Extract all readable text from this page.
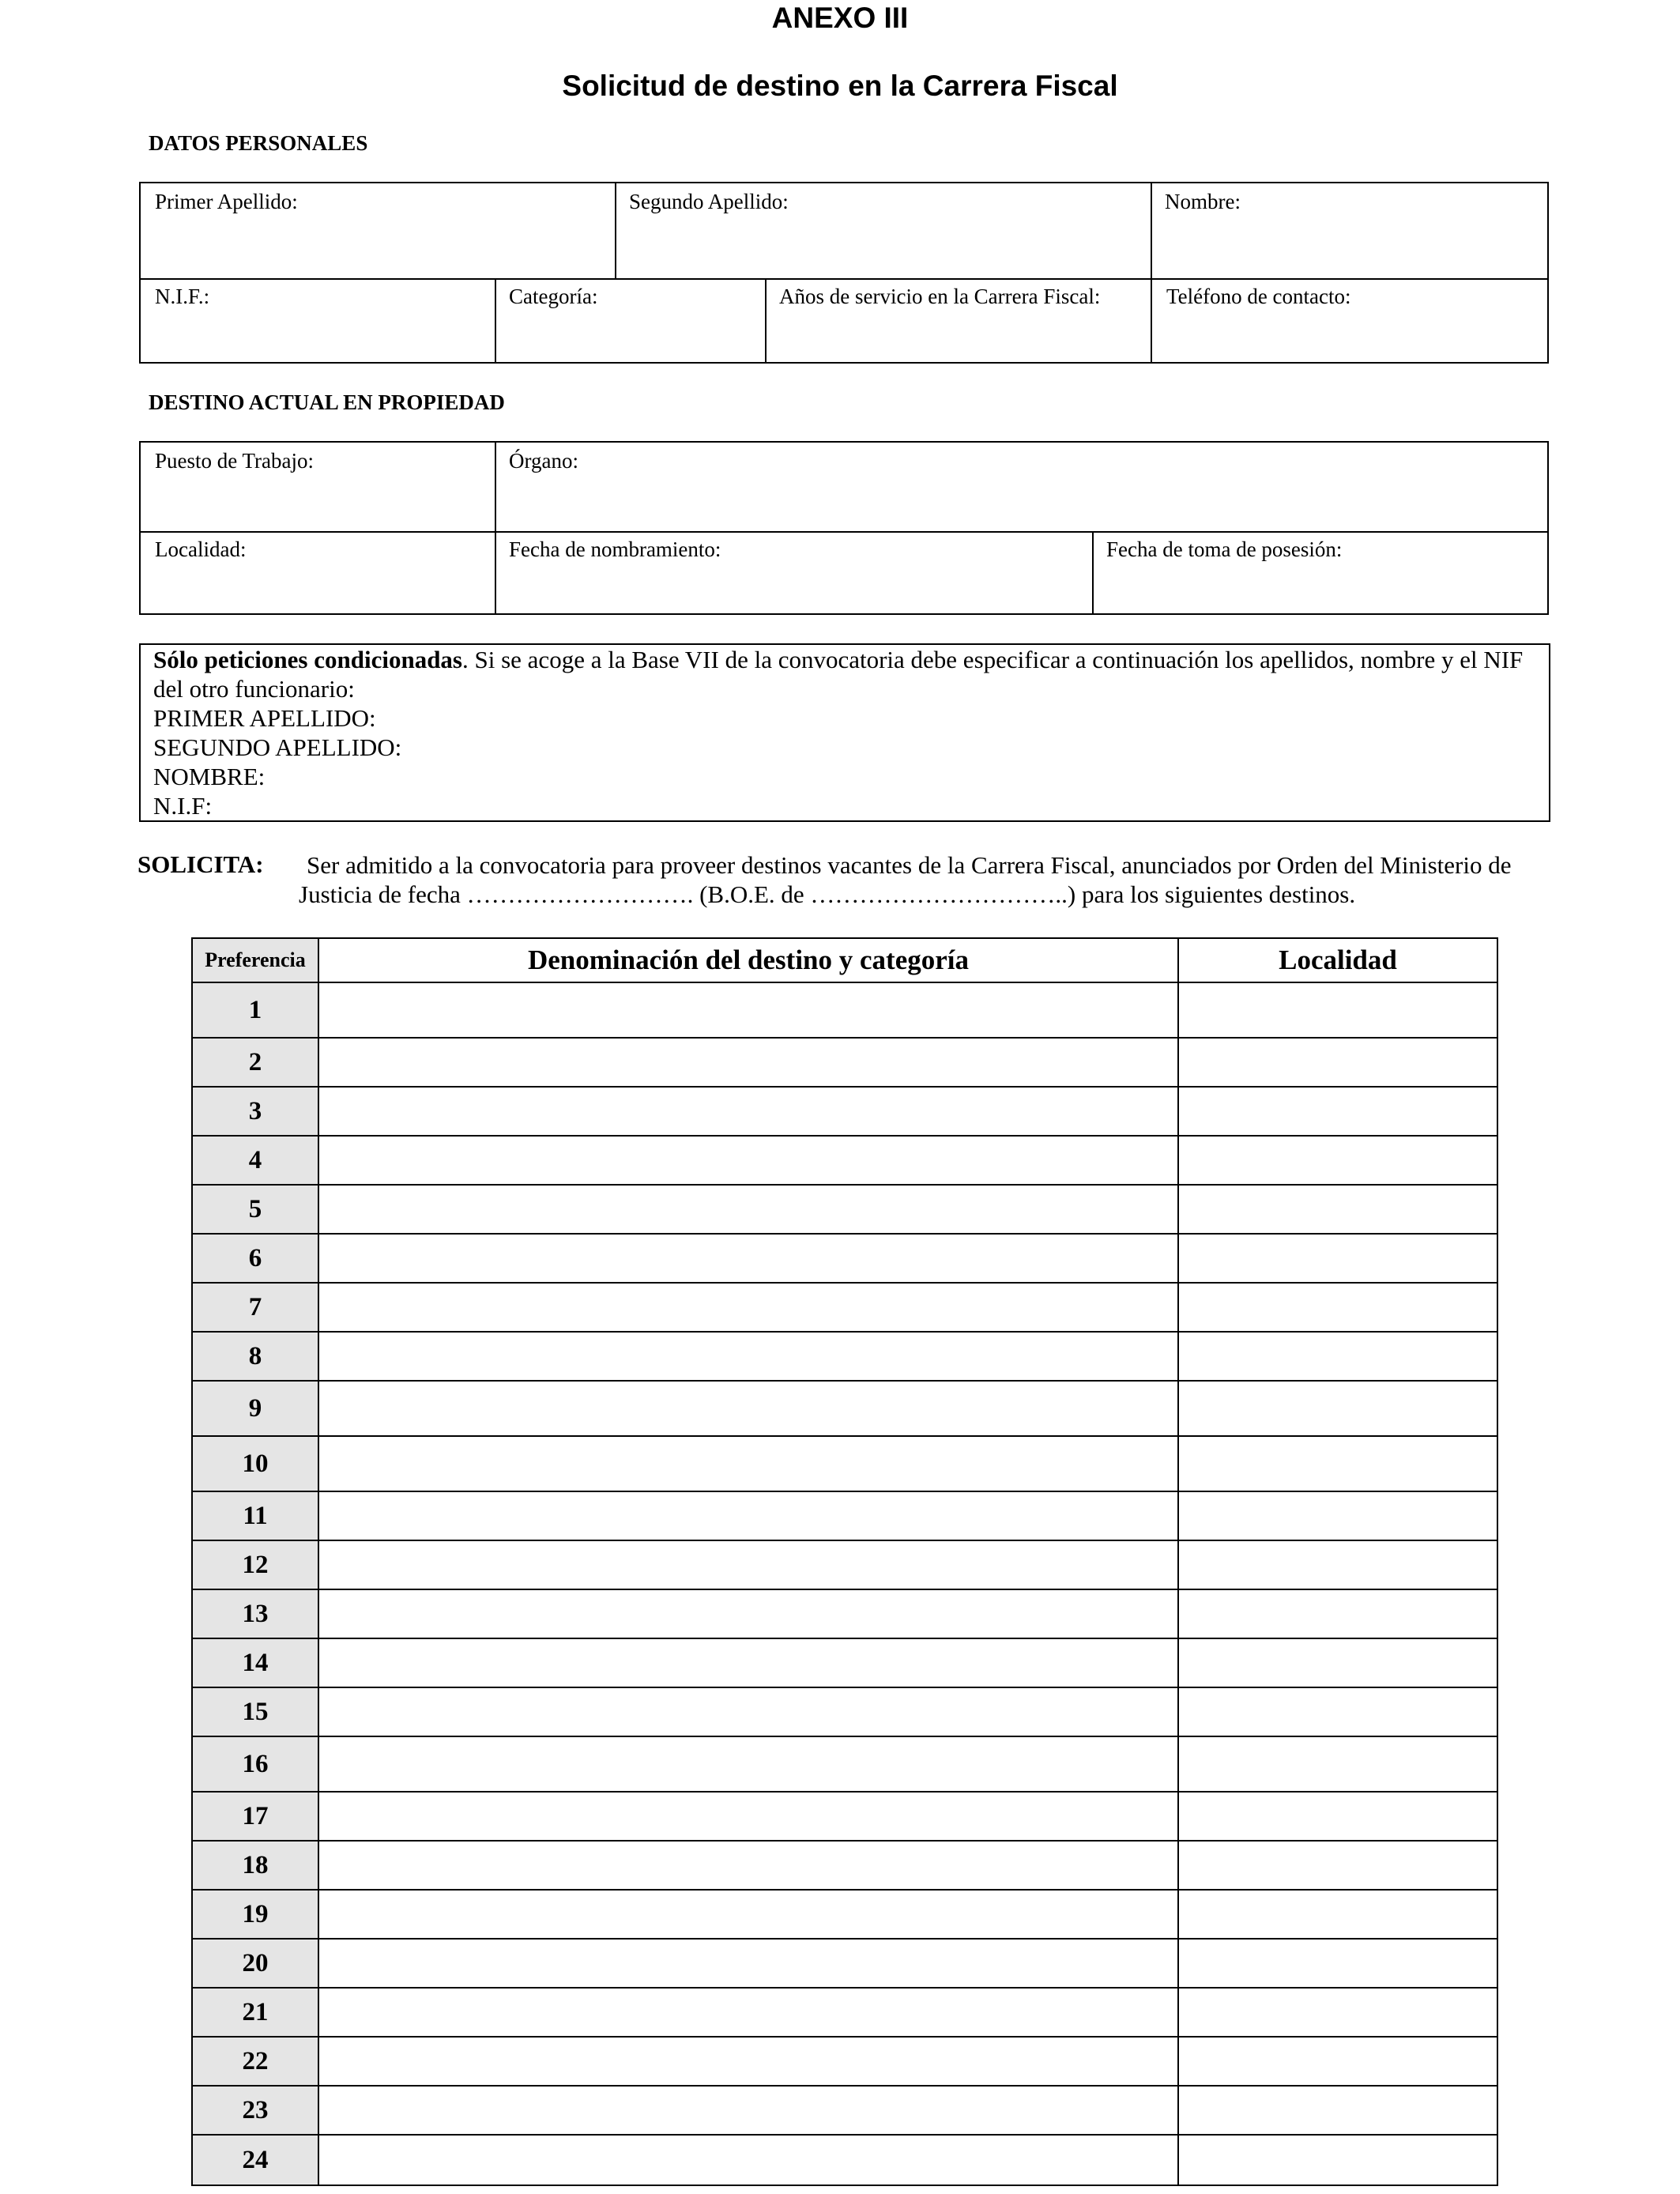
ANEXO III
Solicitud de destino en la Carrera Fiscal
DATOS PERSONALES
Primer Apellido:	Segundo Apellido:	Nombre:
N.I.F.:	Categoría:	Años de servicio en la Carrera Fiscal:	Teléfono de contacto:
DESTINO ACTUAL EN PROPIEDAD
Puesto de Trabajo:	Órgano:
Localidad:	Fecha de nombramiento:	Fecha de toma de posesión:
Sólo peticiones condicionadas. Si se acoge a la Base VII de la convocatoria debe especificar a continuación los apellidos, nombre y el NIF del otro funcionario:
PRIMER APELLIDO:
SEGUNDO APELLIDO:
NOMBRE:
N.I.F:
SOLICITA: Ser admitido a la convocatoria para proveer destinos vacantes de la Carrera Fiscal, anunciados por Orden del Ministerio de
Justicia de fecha ………………………. (B.O.E. de …………………………..) para los siguientes destinos.
Preferencia	Denominación del destino y categoría	Localidad
1		
2		
3		
4		
5		
6		
7		
8		
9		
10		
11		
12		
13		
14		
15		
16		
17		
18		
19		
20		
21		
22		
23		
24		
